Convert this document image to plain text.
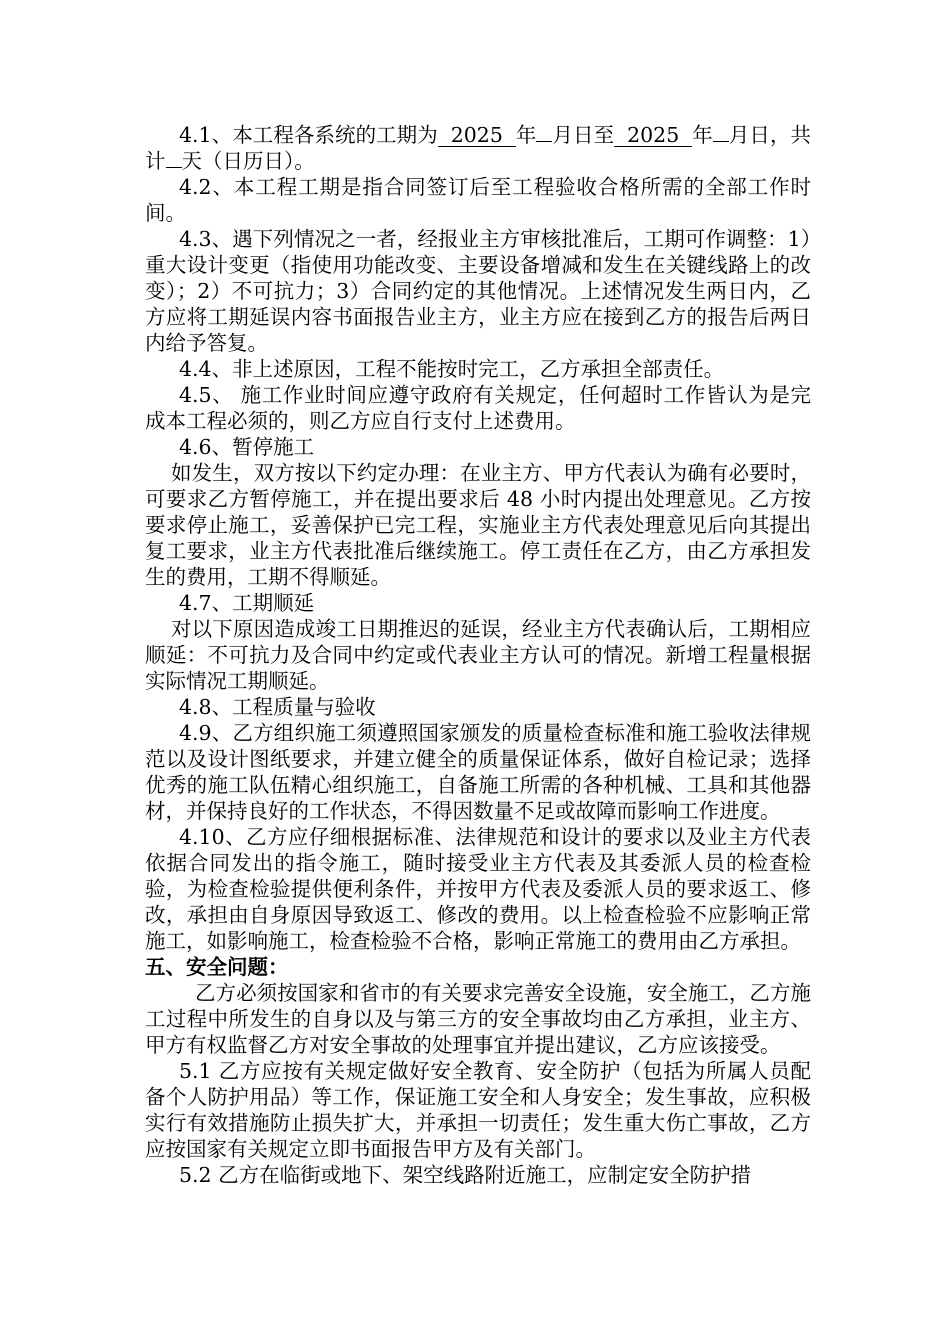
4.1、本工程各系统的工期为 2025 年 月日至 2025 年 月日，共计 天（日历日）。

4.2、本工程工期是指合同签订后至工程验收合格所需的全部工作时间。

4.3、遇下列情况之一者，经报业主方审核批准后，工期可作调整：1）重大设计变更（指使用功能改变、主要设备增减和发生在关键线路上的改变）；2）不可抗力；3）合同约定的其他情况。上述情况发生两日内，乙方应将工期延误内容书面报告业主方，业主方应在接到乙方的报告后两日内给予答复。

4.4、非上述原因，工程不能按时完工，乙方承担全部责任。

4.5、 施工作业时间应遵守政府有关规定，任何超时工作皆认为是完成本工程必须的，则乙方应自行支付上述费用。

4.6、暂停施工

如发生，双方按以下约定办理：在业主方、甲方代表认为确有必要时，可要求乙方暂停施工，并在提出要求后 48 小时内提出处理意见。乙方按要求停止施工，妥善保护已完工程，实施业主方代表处理意见后向其提出复工要求，业主方代表批准后继续施工。停工责任在乙方，由乙方承担发生的费用，工期不得顺延。

4.7、工期顺延

对以下原因造成竣工日期推迟的延误，经业主方代表确认后，工期相应顺延：不可抗力及合同中约定或代表业主方认可的情况。新增工程量根据实际情况工期顺延。

4.8、工程质量与验收

4.9、乙方组织施工须遵照国家颁发的质量检查标准和施工验收法律规范以及设计图纸要求，并建立健全的质量保证体系，做好自检记录；选择优秀的施工队伍精心组织施工，自备施工所需的各种机械、工具和其他器材，并保持良好的工作状态，不得因数量不足或故障而影响工作进度。

4.10、乙方应仔细根据标准、法律规范和设计的要求以及业主方代表依据合同发出的指令施工，随时接受业主方代表及其委派人员的检查检验，为检查检验提供便利条件，并按甲方代表及委派人员的要求返工、修改，承担由自身原因导致返工、修改的费用。以上检查检验不应影响正常施工，如影响施工，检查检验不合格，影响正常施工的费用由乙方承担。

五、安全问题：

乙方必须按国家和省市的有关要求完善安全设施，安全施工，乙方施工过程中所发生的自身以及与第三方的安全事故均由乙方承担，业主方、甲方有权监督乙方对安全事故的处理事宜并提出建议，乙方应该接受。

5.1 乙方应按有关规定做好安全教育、安全防护（包括为所属人员配备个人防护用品）等工作，保证施工安全和人身安全；发生事故，应积极实行有效措施防止损失扩大，并承担一切责任；发生重大伤亡事故，乙方应按国家有关规定立即书面报告甲方及有关部门。

5.2 乙方在临街或地下、架空线路附近施工，应制定安全防护措
